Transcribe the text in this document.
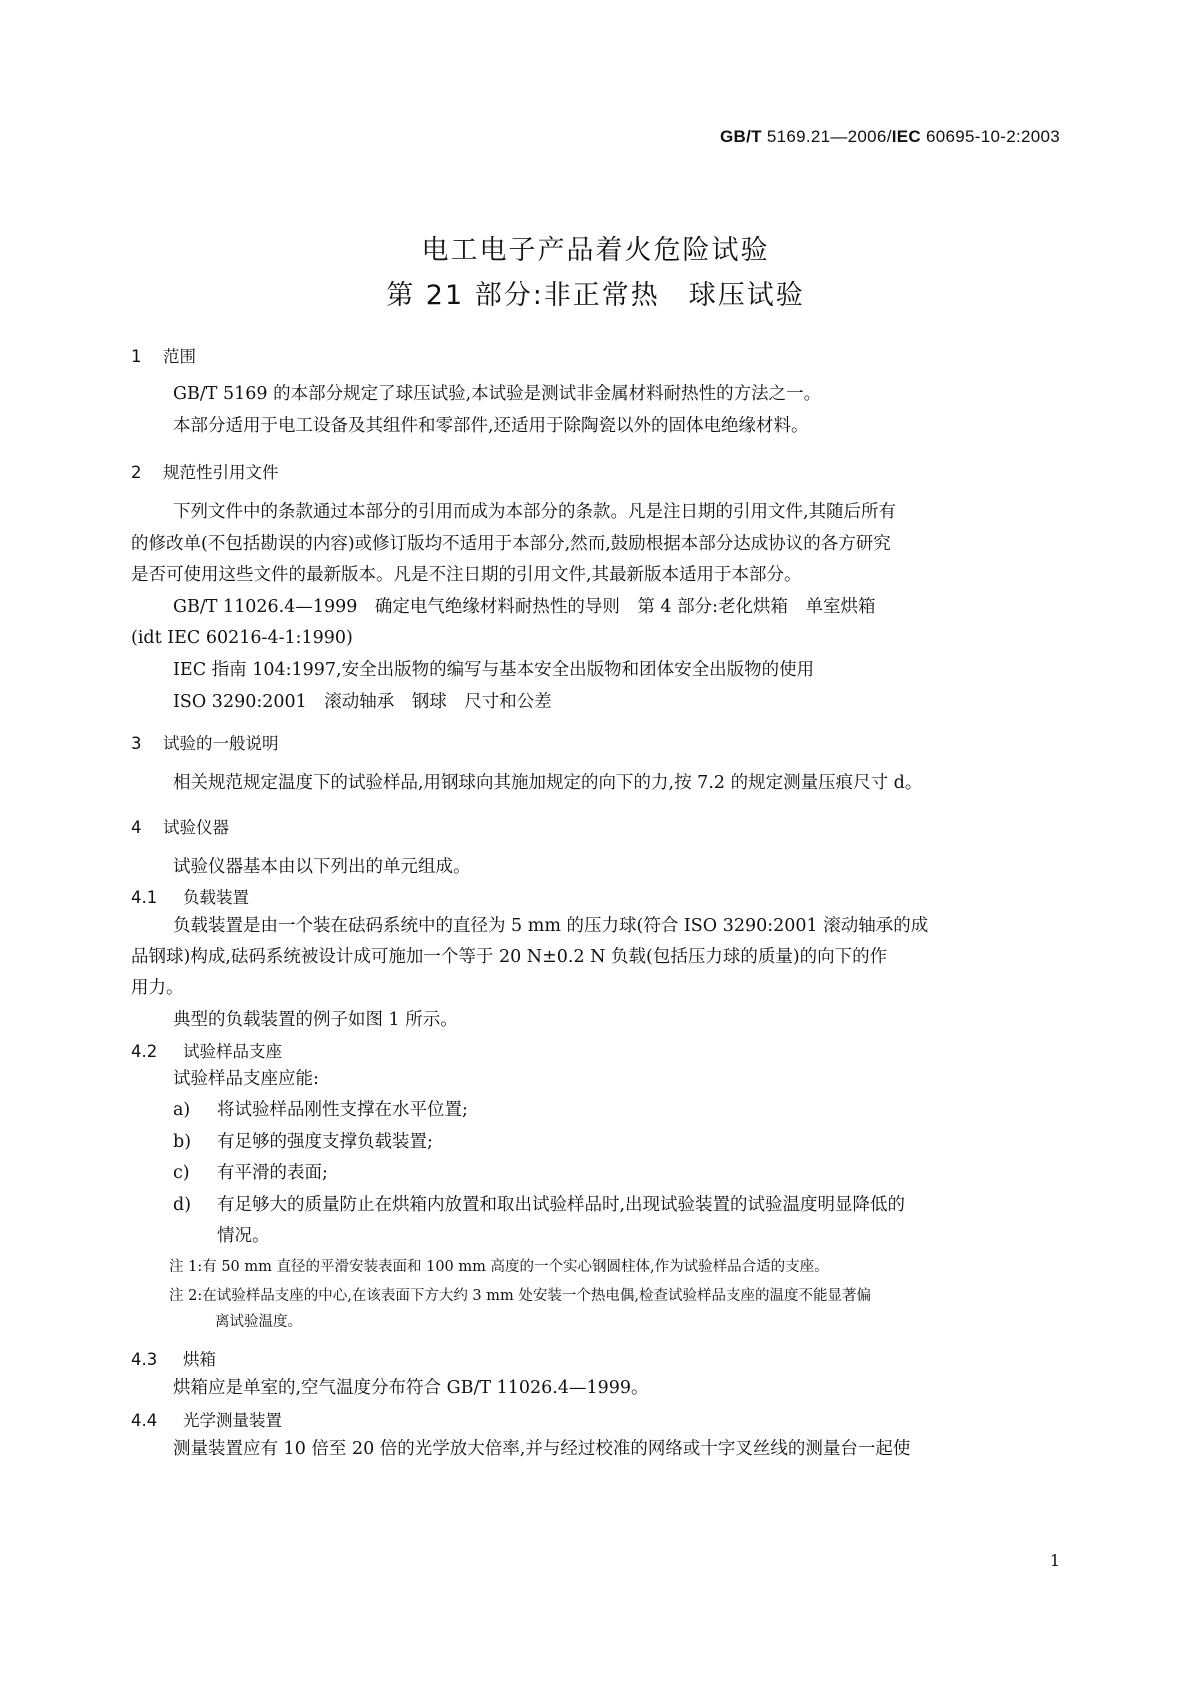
GB/T 5169.21—2006/IEC 60695-10-2:2003
电工电子产品着火危险试验
第 21 部分:非正常热　球压试验
1 范围
GB/T 5169 的本部分规定了球压试验,本试验是测试非金属材料耐热性的方法之一。
本部分适用于电工设备及其组件和零部件,还适用于除陶瓷以外的固体电绝缘材料。
2 规范性引用文件
下列文件中的条款通过本部分的引用而成为本部分的条款。凡是注日期的引用文件,其随后所有
的修改单(不包括勘误的内容)或修订版均不适用于本部分,然而,鼓励根据本部分达成协议的各方研究
是否可使用这些文件的最新版本。凡是不注日期的引用文件,其最新版本适用于本部分。
GB/T 11026.4—1999　确定电气绝缘材料耐热性的导则　第 4 部分:老化烘箱　单室烘箱
(idt IEC 60216-4-1:1990)
IEC 指南 104:1997,安全出版物的编写与基本安全出版物和团体安全出版物的使用
ISO 3290:2001　滚动轴承　钢球　尺寸和公差
3 试验的一般说明
相关规范规定温度下的试验样品,用钢球向其施加规定的向下的力,按 7.2 的规定测量压痕尺寸 d。
4 试验仪器
试验仪器基本由以下列出的单元组成。
4.1 负载装置
负载装置是由一个装在砝码系统中的直径为 5 mm 的压力球(符合 ISO 3290:2001 滚动轴承的成
品钢球)构成,砝码系统被设计成可施加一个等于 20 N±0.2 N 负载(包括压力球的质量)的向下的作
用力。
典型的负载装置的例子如图 1 所示。
4.2 试验样品支座
试验样品支座应能:
a) 将试验样品刚性支撑在水平位置;
b) 有足够的强度支撑负载装置;
c) 有平滑的表面;
d) 有足够大的质量防止在烘箱内放置和取出试验样品时,出现试验装置的试验温度明显降低的
情况。
注 1:有 50 mm 直径的平滑安装表面和 100 mm 高度的一个实心钢圆柱体,作为试验样品合适的支座。
注 2:在试验样品支座的中心,在该表面下方大约 3 mm 处安装一个热电偶,检查试验样品支座的温度不能显著偏
离试验温度。
4.3 烘箱
烘箱应是单室的,空气温度分布符合 GB/T 11026.4—1999。
4.4 光学测量装置
测量装置应有 10 倍至 20 倍的光学放大倍率,并与经过校准的网络或十字叉丝线的测量台一起使
1
